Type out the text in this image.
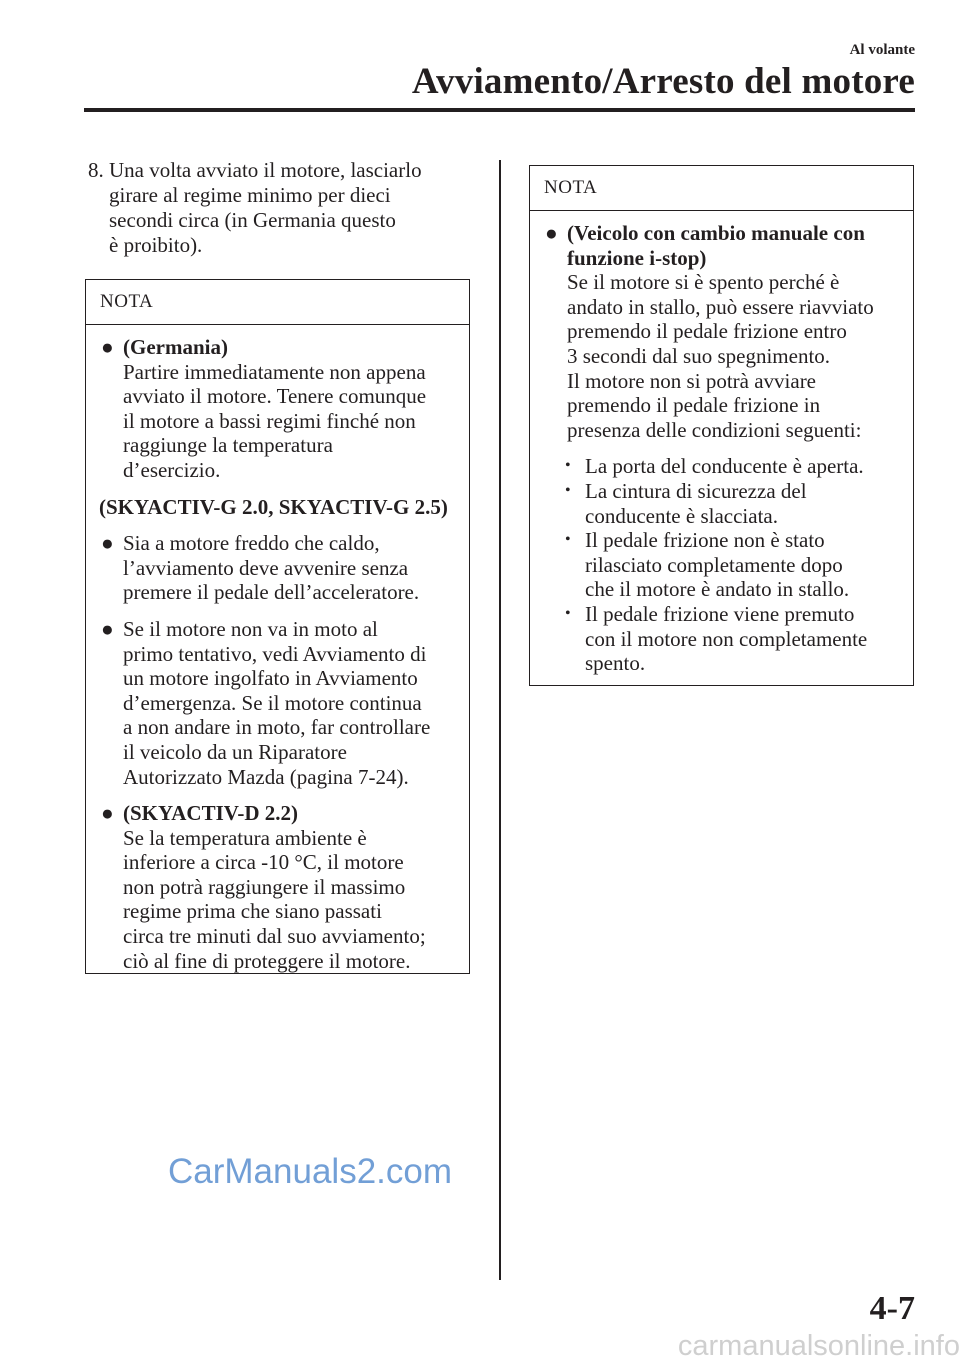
Al volante
Avviamento/Arresto del motore
8. Una volta avviato il motore, lasciarlo
girare al regime minimo per dieci
secondi circa (in Germania questo
è proibito).
NOTA
● (Germania)
Partire immediatamente non appena
avviato il motore. Tenere comunque
il motore a bassi regimi finché non
raggiunge la temperatura
d’esercizio.
(SKYACTIV-G 2.0, SKYACTIV-G 2.5)
● Sia a motore freddo che caldo,
l’avviamento deve avvenire senza
premere il pedale dell’acceleratore.
● Se il motore non va in moto al
primo tentativo, vedi Avviamento di
un motore ingolfato in Avviamento
d’emergenza. Se il motore continua
a non andare in moto, far controllare
il veicolo da un Riparatore
Autorizzato Mazda (pagina 7-24).
● (SKYACTIV-D 2.2)
Se la temperatura ambiente è
inferiore a circa -10 °C, il motore
non potrà raggiungere il massimo
regime prima che siano passati
circa tre minuti dal suo avviamento;
ciò al fine di proteggere il motore.
NOTA
● (Veicolo con cambio manuale con
funzione i-stop)
Se il motore si è spento perché è
andato in stallo, può essere riavviato
premendo il pedale frizione entro
3 secondi dal suo spegnimento.
Il motore non si potrà avviare
premendo il pedale frizione in
presenza delle condizioni seguenti:
• La porta del conducente è aperta.
• La cintura di sicurezza del
conducente è slacciata.
• Il pedale frizione non è stato
rilasciato completamente dopo
che il motore è andato in stallo.
• Il pedale frizione viene premuto
con il motore non completamente
spento.
CarManuals2.com
4-7
carmanualsonline.info
